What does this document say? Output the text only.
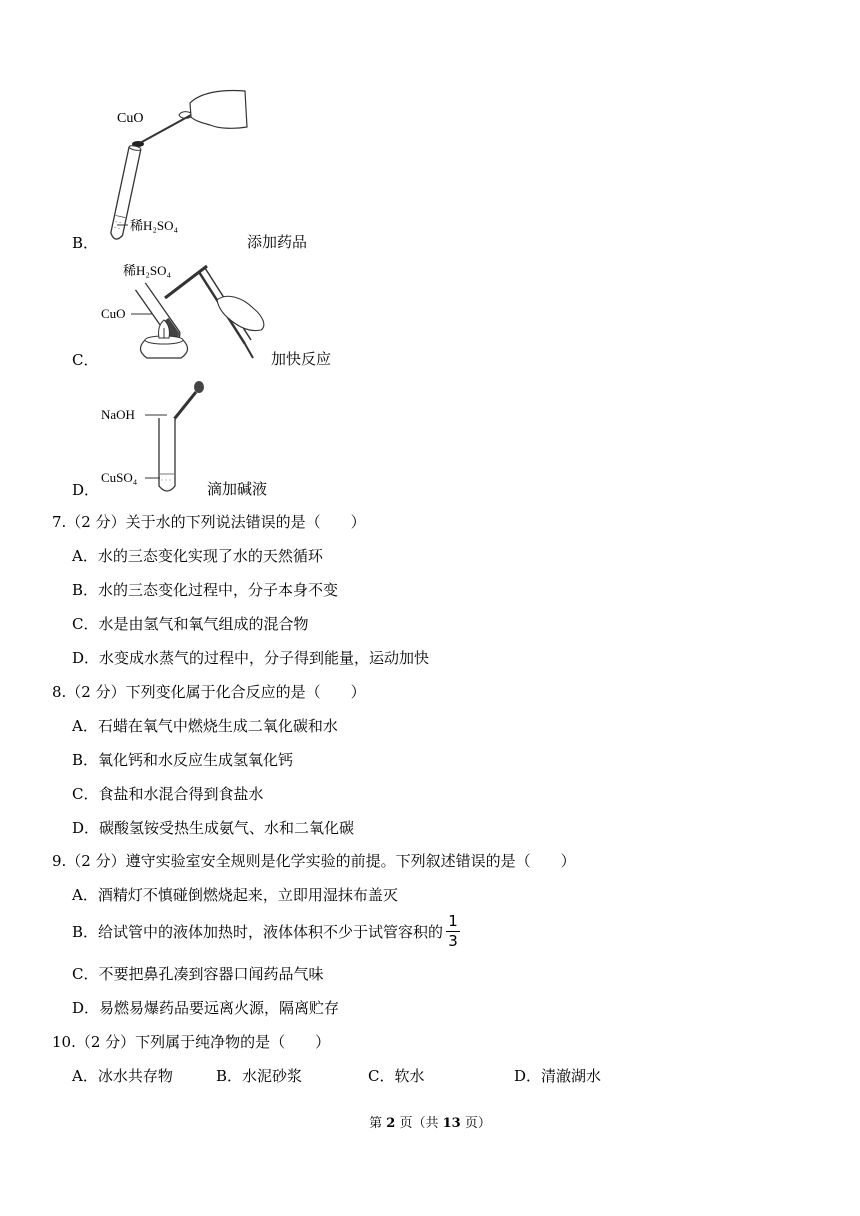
B．
CuO
稀H₂SO₄
添加药品
C．
稀H₂SO₄
CuO
加快反应
D．
NaOH
CuSO₄
滴加碱液
7.（2 分）关于水的下列说法错误的是（　　）
A．水的三态变化实现了水的天然循环
B．水的三态变化过程中，分子本身不变
C．水是由氢气和氧气组成的混合物
D．水变成水蒸气的过程中，分子得到能量，运动加快
8.（2 分）下列变化属于化合反应的是（　　）
A．石蜡在氧气中燃烧生成二氧化碳和水
B．氧化钙和水反应生成氢氧化钙
C．食盐和水混合得到食盐水
D．碳酸氢铵受热生成氨气、水和二氧化碳
9.（2 分）遵守实验室安全规则是化学实验的前提。下列叙述错误的是（　　）
A．酒精灯不慎碰倒燃烧起来，立即用湿抹布盖灭
B．给试管中的液体加热时，液体体积不少于试管容积的
1
3
C．不要把鼻孔凑到容器口闻药品气味
D．易燃易爆药品要远离火源，隔离贮存
10.（2 分）下列属于纯净物的是（　　）
A．冰水共存物	B．水泥砂浆	C．软水	D．清澈湖水
第 2 页（共 13 页）
